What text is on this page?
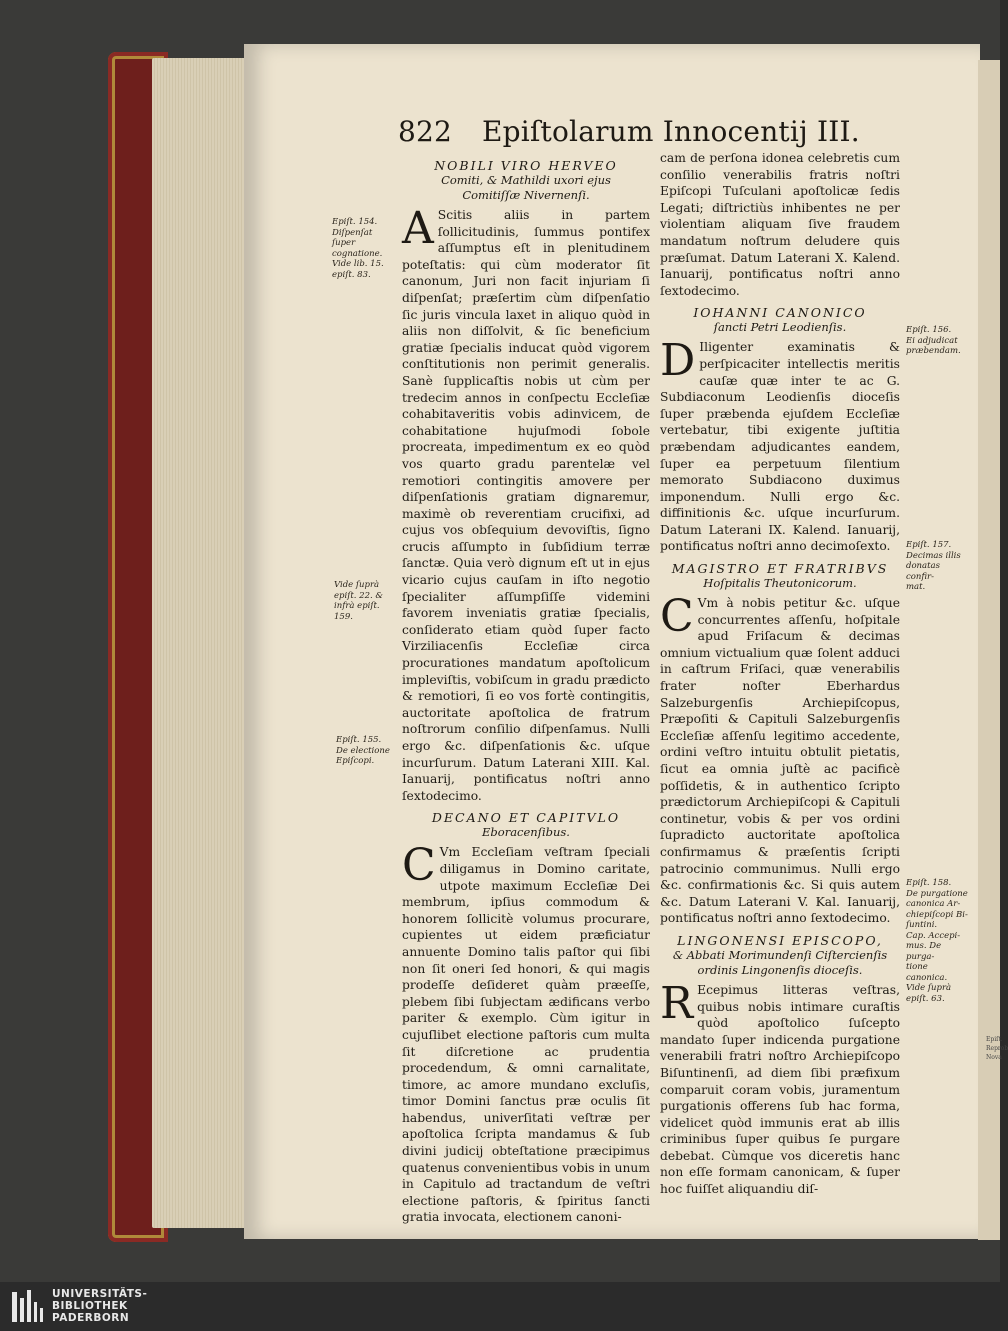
Epiſt. Reprob Nova
822 Epiſtolarum Innocentij III.
NOBILI VIRO HERVEO
Comiti, & Mathildi uxori ejus
Comitiſſæ Nivernenſi.

A Scitis aliis in partem ſollicitudinis, ſummus pontifex aſſumptus eſt in plenitudinem poteſtatis: qui cùm moderator ſit canonum, Juri non facit injuriam ſi diſpenſat; præſertim cùm diſpenſatio ſic juris vincula laxet in aliquo quòd in aliis non diſſolvit, & ſic beneficium gratiæ ſpecialis inducat quòd vigorem conſtitutionis non perimit generalis. Sanè ſupplicaſtis nobis ut cùm per tredecim annos in conſpectu Eccleſiæ cohabitaveritis vobis adinvicem, de cohabitatione hujuſmodi ſobole procreata, impedimentum ex eo quòd vos quarto gradu parentelæ vel remotiori contingitis amovere per diſpenſationis gratiam dignaremur, maximè ob reverentiam crucifixi, ad cujus vos obſequium devoviſtis, ſigno crucis aſſumpto in ſubſidium terræ ſanctæ. Quia verò dignum eſt ut in ejus vicario cujus cauſam in iſto negotio ſpecialiter aſſumpſiſſe videmini favorem inveniatis gratiæ ſpecialis, conſiderato etiam quòd ſuper facto Virziliacenſis Eccleſiæ circa procurationes mandatum apoſtolicum impleviſtis, vobiſcum in gradu prædicto & remotiori, ſi eo vos fortè contingitis, auctoritate apoſtolica de fratrum noſtrorum conſilio diſpenſamus. Nulli ergo &c. diſpenſationis &c. uſque incurſurum. Datum Laterani XIII. Kal. Ianuarij, pontificatus noſtri anno ſextodecimo.

DECANO ET CAPITVLO
Eboracenſibus.

C Vm Eccleſiam veſtram ſpeciali diligamus in Domino caritate, utpote maximum Eccleſiæ Dei membrum, ipſius commodum & honorem ſollicitè volumus procurare, cupientes ut eidem præficiatur annuente Domino talis paſtor qui ſibi non ſit oneri ſed honori, & qui magis prodeſſe deſideret quàm præeſſe, plebem ſibi ſubjectam ædificans verbo pariter & exemplo. Cùm igitur in cujuſlibet electione paſtoris cum multa ſit diſcretione ac prudentia procedendum, & omni carnalitate, timore, ac amore mundano excluſis, timor Domini ſanctus præ oculis ſit habendus, univerſitati veſtræ per apoſtolica ſcripta mandamus & ſub divini judicij obteſtatione præcipimus quatenus convenientibus vobis in unum in Capitulo ad tractandum de veſtri electione paſtoris, & ſpiritus ſancti gratia invocata, electionem canoni-

cam de perſona idonea celebretis cum conſilio venerabilis fratris noſtri Epiſcopi Tuſculani apoſtolicæ ſedis Legati; diſtrictiùs inhibentes ne per violentiam aliquam ſive fraudem mandatum noſtrum deludere quis præſumat. Datum Laterani X. Kalend. Ianuarij, pontificatus noſtri anno ſextodecimo.

IOHANNI CANONICO
ſancti Petri Leodienſis.

D Iligenter examinatis & perſpicaciter intellectis meritis cauſæ quæ inter te ac G. Subdiaconum Leodienſis dioceſis ſuper præbenda ejuſdem Eccleſiæ vertebatur, tibi exigente juſtitia præbendam adjudicantes eandem, ſuper ea perpetuum ſilentium memorato Subdiacono duximus imponendum. Nulli ergo &c. diffinitionis &c. uſque incurſurum. Datum Laterani IX. Kalend. Ianuarij, pontificatus noſtri anno decimoſexto.

MAGISTRO ET FRATRIBVS
Hoſpitalis Theutonicorum.

C Vm à nobis petitur &c. uſque concurrentes aſſenſu, hoſpitale apud Friſacum & decimas omnium victualium quæ ſolent adduci in caſtrum Friſaci, quæ venerabilis frater noſter Eberhardus Salzeburgenſis Archiepiſcopus, Præpoſiti & Capituli Salzeburgenſis Eccleſiæ aſſenſu legitimo accedente, ordini veſtro intuitu obtulit pietatis, ſicut ea omnia juſtè ac pacificè poſſidetis, & in authentico ſcripto prædictorum Archiepiſcopi & Capituli continetur, vobis & per vos ordini ſupradicto auctoritate apoſtolica confirmamus & præſentis ſcripti patrocinio communimus. Nulli ergo &c. confirmationis &c. Si quis autem &c. Datum Laterani V. Kal. Ianuarij, pontificatus noſtri anno ſextodecimo.

LINGONENSI EPISCOPO,
& Abbati Morimundenſi Ciſtercienſis
ordinis Lingonenſis dioceſis.

R Ecepimus litteras veſtras, quibus nobis intimare curaſtis quòd apoſtolico ſuſcepto mandato ſuper indicenda purgatione venerabili fratri noſtro Archiepiſcopo Biſuntinenſi, ad diem ſibi præfixum comparuit coram vobis, juramentum purgationis offerens ſub hac forma, videlicet quòd immunis erat ab illis criminibus ſuper quibus ſe purgare debebat. Cùmque vos diceretis hanc non eſſe formam canonicam, & ſuper hoc fuiſſet aliquandiu diſ-

Epiſt. 154.
Diſpenſat ſuper cognatione.
Vide lib. 15.
epiſt. 83.
Vide ſuprà
epiſt. 22. &
infrà epiſt.
159.
Epiſt. 155.
De electione
Epiſcopi.
Epiſt. 156.
Ei adjudicat
præbendam.
Epiſt. 157.
Decimas illis
donatas confir-
mat.
Epiſt. 158.
De purgatione
canonica Ar-
chiepiſcopi Bi-
ſuntini.
Cap. Accepi-
mus. De purga-
tione canonica.
Vide ſuprà
epiſt. 63.
UNIVERSITÄTS-
BIBLIOTHEK
PADERBORN
